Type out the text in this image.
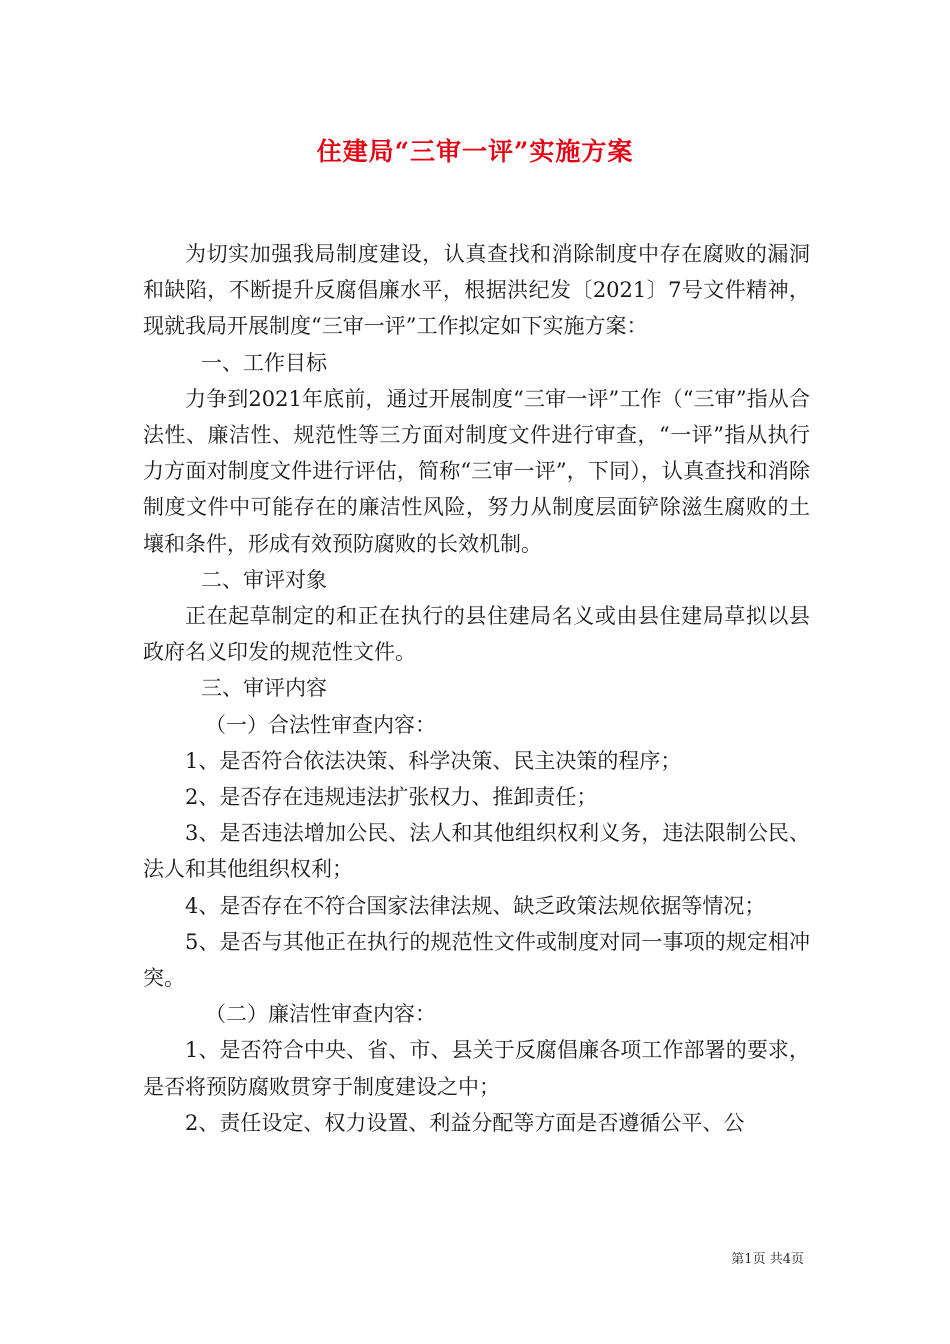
住建局“三审一评”实施方案

为切实加强我局制度建设，认真查找和消除制度中存在腐败的漏洞和缺陷，不断提升反腐倡廉水平，根据洪纪发〔2021〕7号文件精神，现就我局开展制度“三审一评”工作拟定如下实施方案：

一、工作目标

力争到2021年底前，通过开展制度“三审一评”工作（“三审”指从合法性、廉洁性、规范性等三方面对制度文件进行审查，“一评”指从执行力方面对制度文件进行评估，简称“三审一评”，下同），认真查找和消除制度文件中可能存在的廉洁性风险，努力从制度层面铲除滋生腐败的土壤和条件，形成有效预防腐败的长效机制。

二、审评对象

正在起草制定的和正在执行的县住建局名义或由县住建局草拟以县政府名义印发的规范性文件。

三、审评内容

（一）合法性审查内容：

1、是否符合依法决策、科学决策、民主决策的程序；

2、是否存在违规违法扩张权力、推卸责任；

3、是否违法增加公民、法人和其他组织权利义务，违法限制公民、法人和其他组织权利；

4、是否存在不符合国家法律法规、缺乏政策法规依据等情况；

5、是否与其他正在执行的规范性文件或制度对同一事项的规定相冲突。

（二）廉洁性审查内容：

1、是否符合中央、省、市、县关于反腐倡廉各项工作部署的要求，是否将预防腐败贯穿于制度建设之中；

2、责任设定、权力设置、利益分配等方面是否遵循公平、公

第1页 共4页
